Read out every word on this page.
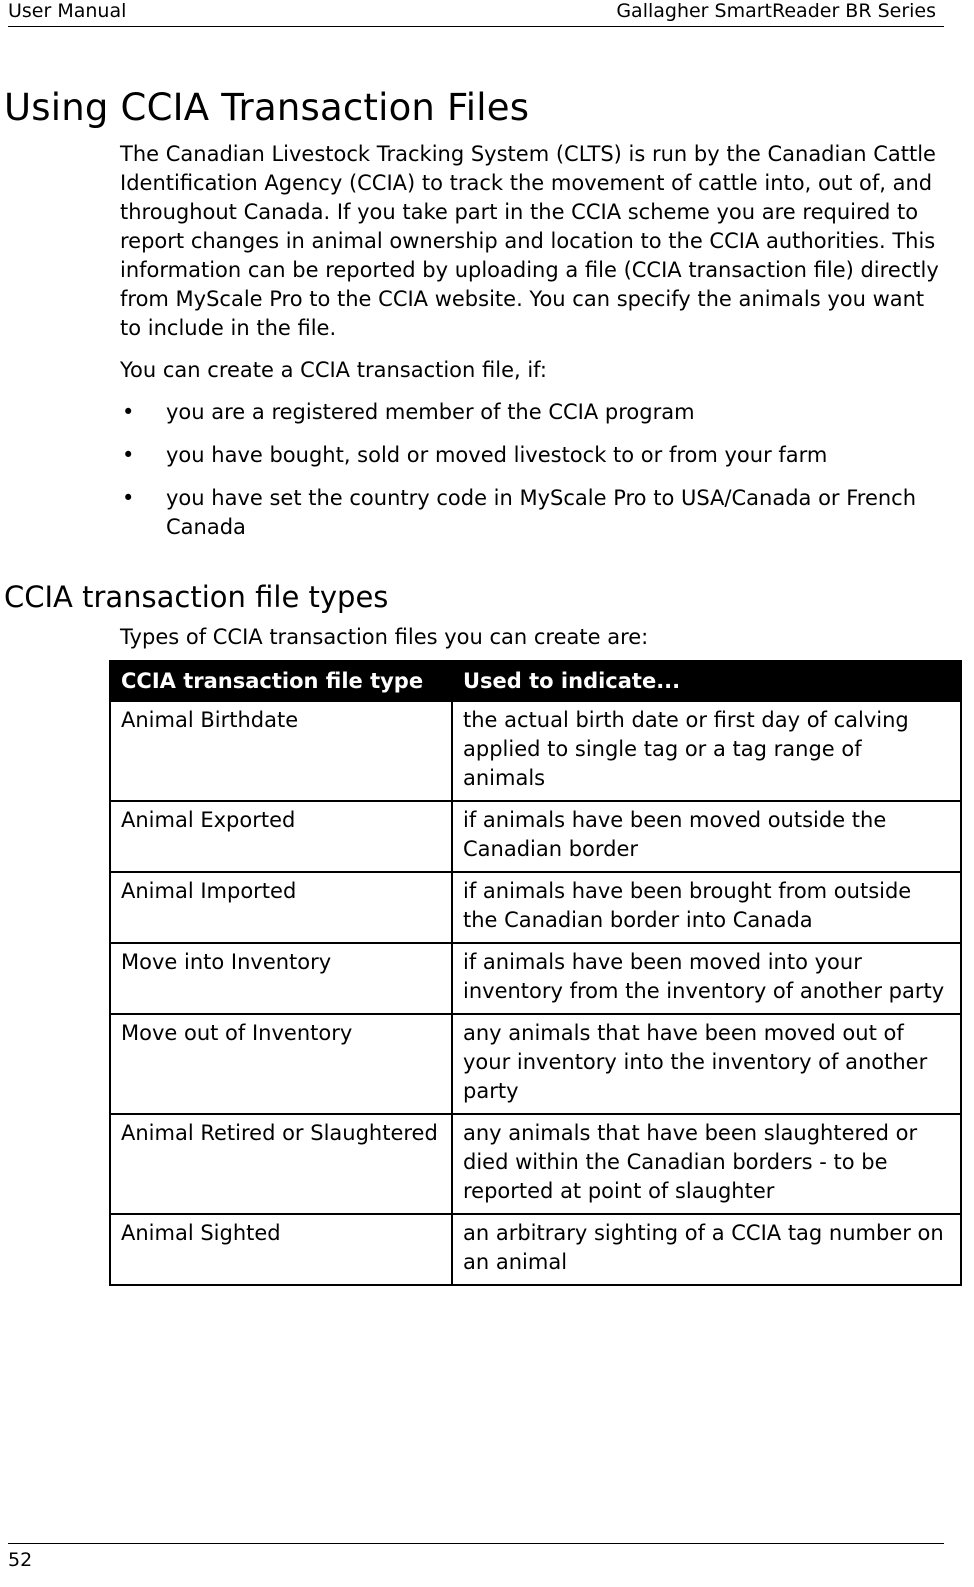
User Manual	Gallagher SmartReader BR Series
Using CCIA Transaction Files
The Canadian Livestock Tracking System (CLTS) is run by the Canadian Cattle Identification Agency (CCIA) to track the movement of cattle into, out of, and throughout Canada. If you take part in the CCIA scheme you are required to report changes in animal ownership and location to the CCIA authorities. This information can be reported by uploading a file (CCIA transaction file) directly from MyScale Pro to the CCIA website. You can specify the animals you want to include in the file.
You can create a CCIA transaction file, if:
• you are a registered member of the CCIA program
• you have bought, sold or moved livestock to or from your farm
• you have set the country code in MyScale Pro to USA/Canada or French Canada
CCIA transaction file types
Types of CCIA transaction files you can create are:
CCIA transaction file type	Used to indicate...
Animal Birthdate	the actual birth date or first day of calving applied to single tag or a tag range of animals
Animal Exported	if animals have been moved outside the Canadian border
Animal Imported	if animals have been brought from outside the Canadian border into Canada
Move into Inventory	if animals have been moved into your inventory from the inventory of another party
Move out of Inventory	any animals that have been moved out of your inventory into the inventory of another party
Animal Retired or Slaughtered	any animals that have been slaughtered or died within the Canadian borders - to be reported at point of slaughter
Animal Sighted	an arbitrary sighting of a CCIA tag number on an animal
52
